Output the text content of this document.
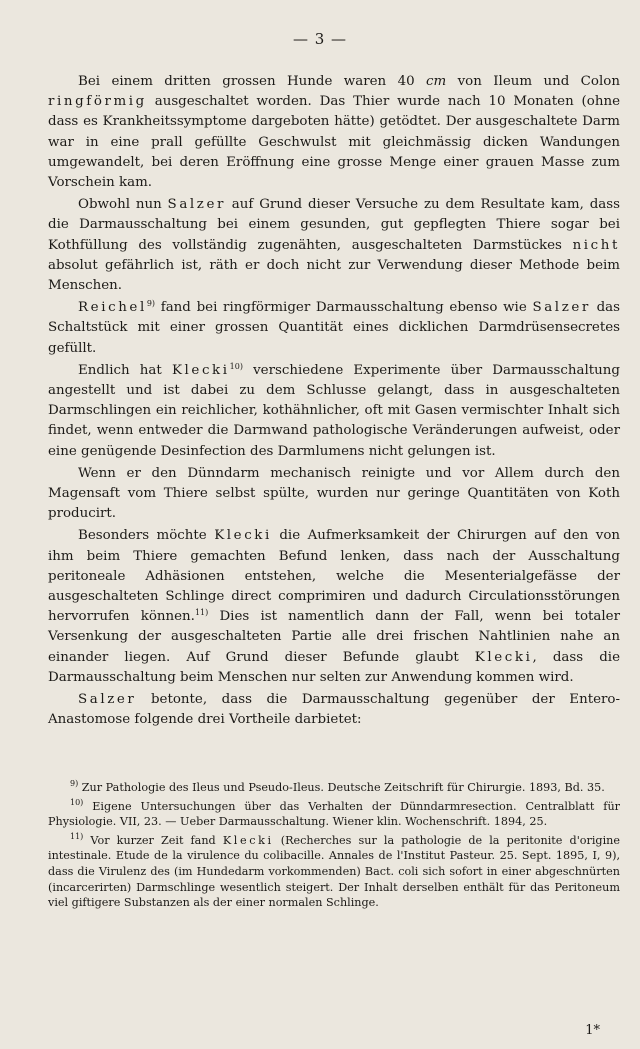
— 3 —

Bei einem dritten grossen Hunde waren 40 cm von Ileum und Colon ringförmig ausgeschaltet worden. Das Thier wurde nach 10 Monaten (ohne dass es Krankheitssymptome dargeboten hätte) getödtet. Der ausgeschaltete Darm war in eine prall gefüllte Geschwulst mit gleichmässig dicken Wandungen umgewandelt, bei deren Eröffnung eine grosse Menge einer grauen Masse zum Vorschein kam.

Obwohl nun Salzer auf Grund dieser Versuche zu dem Resultate kam, dass die Darmausschaltung bei einem gesunden, gut gepflegten Thiere sogar bei Kothfüllung des vollständig zugenähten, ausgeschalteten Darmstückes nicht absolut gefährlich ist, räth er doch nicht zur Verwendung dieser Methode beim Menschen.

Reichel$^{9)}$ fand bei ringförmiger Darmausschaltung ebenso wie Salzer das Schaltstück mit einer grossen Quantität eines dicklichen Darmdrüsensecretes gefüllt.

Endlich hat Klecki$^{10)}$ verschiedene Experimente über Darmausschaltung angestellt und ist dabei zu dem Schlusse gelangt, dass in ausgeschalteten Darmschlingen ein reichlicher, kothähnlicher, oft mit Gasen vermischter Inhalt sich findet, wenn entweder die Darmwand pathologische Veränderungen aufweist, oder eine genügende Desinfection des Darmlumens nicht gelungen ist.

Wenn er den Dünndarm mechanisch reinigte und vor Allem durch den Magensaft vom Thiere selbst spülte, wurden nur geringe Quantitäten von Koth producirt.

Besonders möchte Klecki die Aufmerksamkeit der Chirurgen auf den von ihm beim Thiere gemachten Befund lenken, dass nach der Ausschaltung peritoneale Adhäsionen entstehen, welche die Mesenterialgefässe der ausgeschalteten Schlinge direct comprimiren und dadurch Circulationsstörungen hervorrufen können.$^{11)}$ Dies ist namentlich dann der Fall, wenn bei totaler Versenkung der ausgeschalteten Partie alle drei frischen Nahtlinien nahe an einander liegen. Auf Grund dieser Befunde glaubt Klecki, dass die Darmausschaltung beim Menschen nur selten zur Anwendung kommen wird.

Salzer betonte, dass die Darmausschaltung gegenüber der Entero-Anastomose folgende drei Vortheile darbietet:

$^{9)}$ Zur Pathologie des Ileus und Pseudo-Ileus. Deutsche Zeitschrift für Chirurgie. 1893, Bd. 35.

$^{10)}$ Eigene Untersuchungen über das Verhalten der Dünndarmresection. Centralblatt für Physiologie. VII, 23. — Ueber Darmausschaltung. Wiener klin. Wochenschrift. 1894, 25.

$^{11)}$ Vor kurzer Zeit fand Klecki (Recherches sur la pathologie de la peritonite d'origine intestinale. Etude de la virulence du colibacille. Annales de l'Institut Pasteur. 25. Sept. 1895, I, 9), dass die Virulenz des (im Hundedarm vorkommenden) Bact. coli sich sofort in einer abgeschnürten (incarcerirten) Darmschlinge wesentlich steigert. Der Inhalt derselben enthält für das Peritoneum viel giftigere Substanzen als der einer normalen Schlinge.

1*
